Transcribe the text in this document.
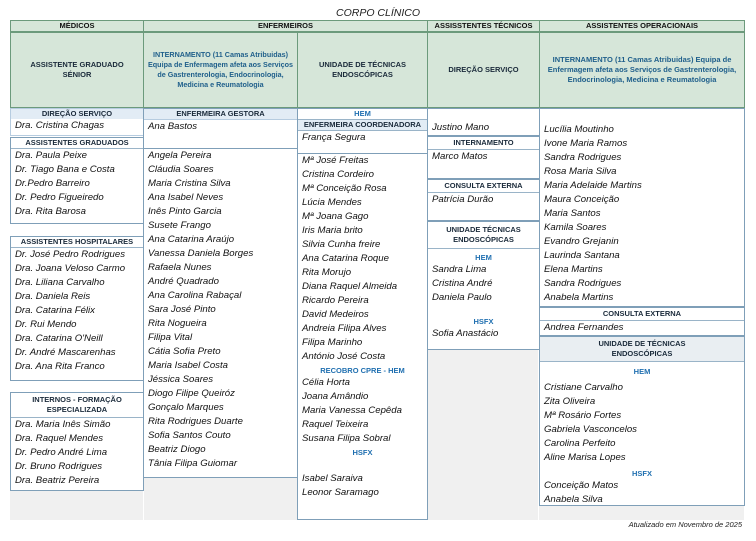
CORPO CLÍNICO
MÉDICOS	ENFERMEIROS	ASSISSTENTES TÉCNICOS	ASSISTENTES OPERACIONAIS
ASSISTENTE GRADUADO SÉNIOR
INTERNAMENTO (11 Camas Atribuidas) Equipa de Enfermagem afeta aos Serviços de Gastrenterologia, Endocrinologia, Medicina e Reumatologia
UNIDADE DE TÉCNICAS ENDOSCÓPICAS
DIREÇÃO SERVIÇO
INTERNAMENTO (11 Camas Atribuidas) Equipa de Enfermagem afeta aos Serviços de Gastrenterologia, Endocrinologia, Medicina e Reumatologia
DIREÇÃO SERVIÇO
Dra. Cristina Chagas
ASSISTENTES GRADUADOS
Dra. Paula Peixe
Dr. Tiago Bana e Costa
Dr.Pedro Barreiro
Dr. Pedro Figueiredo
Dra. Rita Barosa
ASSISTENTES HOSPITALARES
Dr. José Pedro Rodrigues
Dra. Joana Veloso Carmo
Dra. Liliana Carvalho
Dra. Daniela Reis
Dra. Catarina Félix
Dr. Rui Mendo
Dra. Catarina O'Neill
Dr. André Mascarenhas
Dra. Ana Rita Franco
INTERNOS - FORMAÇÃO ESPECIALIZADA
Dra. Maria Inês Simão
Dra. Raquel Mendes
Dr. Pedro André Lima
Dr. Bruno Rodrigues
Dra. Beatriz Pereira
ENFERMEIRA GESTORA
Ana Bastos
Angela Pereira
Cláudia Soares
Maria Cristina Silva
Ana Isabel Neves
Inês Pinto Garcia
Susete Frango
Ana Catarina Araújo
Vanessa Daniela Borges
Rafaela Nunes
André Quadrado
Ana Carolina Rabaçal
Sara José Pinto
Rita Nogueira
Filipa Vital
Cátia Sofia Preto
Maria Isabel Costa
Jéssica Soares
Diogo Filipe Queiróz
Gonçalo Marques
Rita Rodrigues Duarte
Sofia Santos Couto
Beatriz Diogo
Tânia Filipa Guiomar
HEM
ENFERMEIRA COORDENADORA
França Segura
Mª José Freitas
Cristina Cordeiro
Mª Conceição Rosa
Lúcia Mendes
Mª Joana Gago
Iris Maria brito
Silvia Cunha freire
Ana Catarina Roque
Rita Morujo
Diana Raquel Almeida
Ricardo Pereira
David Medeiros
Andreia Filipa Alves
Filipa Marinho
António José Costa
RECOBRO CPRE - HEM
Célia Horta
Joana Amândio
Maria Vanessa Cepêda
Raquel Teixeira
Susana Filipa Sobral
HSFX
Isabel Saraiva
Leonor Saramago
Justino Mano
INTERNAMENTO
Marco Matos
CONSULTA EXTERNA
Patrícia Durão
UNIDADE TÉCNICAS ENDOSCÓPICAS
HEM
Sandra Lima
Cristina André
Daniela Paulo
HSFX
Sofia Anastácio
Lucília Moutinho
Ivone Maria Ramos
Sandra Rodrigues
Rosa Maria Silva
Maria Adelaide Martins
Maura Conceição
Maria Santos
Kamila Soares
Evandro Grejanin
Laurinda Santana
Elena Martins
Sandra Rodrigues
Anabela Martins
CONSULTA EXTERNA
Andrea Fernandes
UNIDADE DE TÉCNICAS ENDOSCÓPICAS
HEM
Cristiane Carvalho
Zita Oliveira
Mª Rosário Fortes
Gabriela Vasconcelos
Carolina Perfeito
Aline Marisa Lopes
HSFX
Conceição Matos
Anabela Silva
Atualizado em Novembro de 2025
